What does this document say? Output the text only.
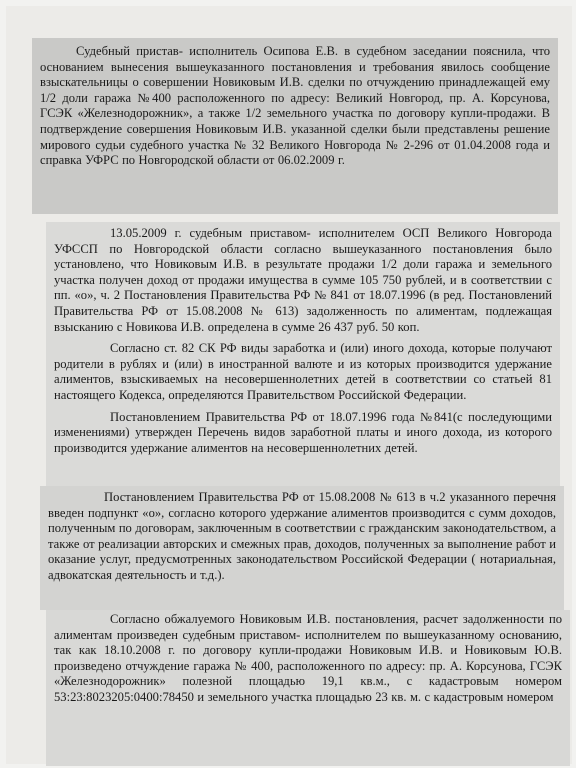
Судебный пристав- исполнитель Осипова Е.В. в судебном заседании пояснила, что основанием вынесения вышеуказанного постановления и требования явилось сообщение взыскательницы о совершении Новиковым И.В. сделки по отчуждению принадлежащей ему 1/2 доли гаража №400 расположенного по адресу: Великий Новгород, пр. А. Корсунова, ГСЭК «Железнодорожник», а также 1/2 земельного участка по договору купли-продажи. В подтверждение совершения Новиковым И.В. указанной сделки были представлены решение мирового судьи судебного участка № 32 Великого Новгорода № 2-296 от 01.04.2008 года и справка УФРС по Новгородской области от 06.02.2009 г.

13.05.2009 г. судебным приставом- исполнителем ОСП Великого Новгорода УФССП по Новгородской области согласно вышеуказанного постановления было установлено, что Новиковым И.В. в результате продажи 1/2 доли гаража и земельного участка получен доход от продажи имущества в сумме 105 750 рублей, и в соответствии с пп. «о», ч. 2 Постановления Правительства РФ № 841 от 18.07.1996 (в ред. Постановлений Правительства РФ от 15.08.2008 № 613) задолженность по алиментам, подлежащая взысканию с Новикова И.В. определена в сумме 26 437 руб. 50 коп.

Согласно ст. 82 СК РФ виды заработка и (или) иного дохода, которые получают родители в рублях и (или) в иностранной валюте и из которых производится удержание алиментов, взыскиваемых на несовершеннолетних детей в соответствии со статьей 81 настоящего Кодекса, определяются Правительством Российской Федерации.

Постановлением Правительства РФ от 18.07.1996 года №841(с последующими изменениями) утвержден Перечень видов заработной платы и иного дохода, из которого производится удержание алиментов на несовершеннолетних детей.

Постановлением Правительства РФ от 15.08.2008 № 613 в ч.2 указанного перечня введен подпункт «о», согласно которого удержание алиментов производится с сумм доходов, полученным по договорам, заключенным в соответствии с гражданским законодательством, а также от реализации авторских и смежных прав, доходов, полученных за выполнение работ и оказание услуг, предусмотренных законодательством Российской Федерации ( нотариальная, адвокатская деятельность и т.д.).

Согласно обжалуемого Новиковым И.В. постановления, расчет задолженности по алиментам произведен судебным приставом- исполнителем по вышеуказанному основанию, так как 18.10.2008 г. по договору купли-продажи Новиковым И.В. и Новиковым Ю.В. произведено отчуждение гаража № 400, расположенного по адресу: пр. А. Корсунова, ГСЭК «Железнодорожник» полезной площадью 19,1 кв.м., с кадастровым номером 53:23:8023205:0400:78450 и земельного участка площадью 23 кв. м. с кадастровым номером
